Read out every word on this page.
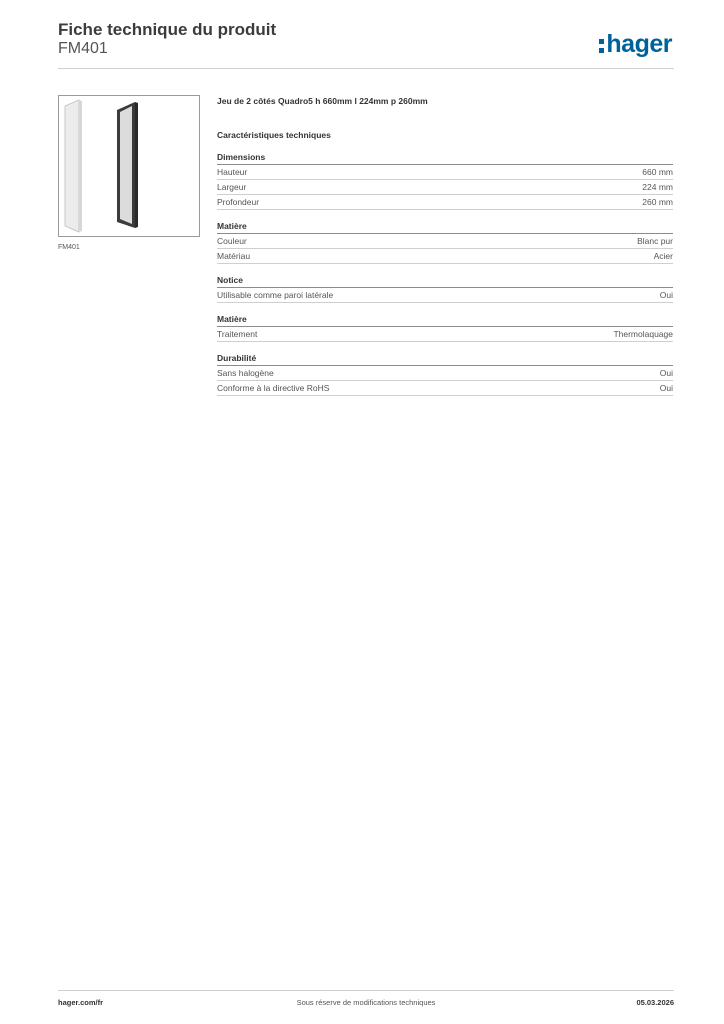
Fiche technique du produit

FM401	hager
FM401

Jeu de 2 côtés Quadro5 h 660mm l 224mm p 260mm

Caractéristiques techniques

Dimensions
Hauteur	660 mm
Largeur	224 mm
Profondeur	260 mm
Matière
Couleur	Blanc pur
Matériau	Acier
Notice
Utilisable comme paroi latérale	Oui
Matière
Traitement	Thermolaquage
Durabilité
Sans halogène	Oui
Conforme à la directive RoHS	Oui
hager.com/fr	Sous réserve de modifications techniques	05.03.2026
